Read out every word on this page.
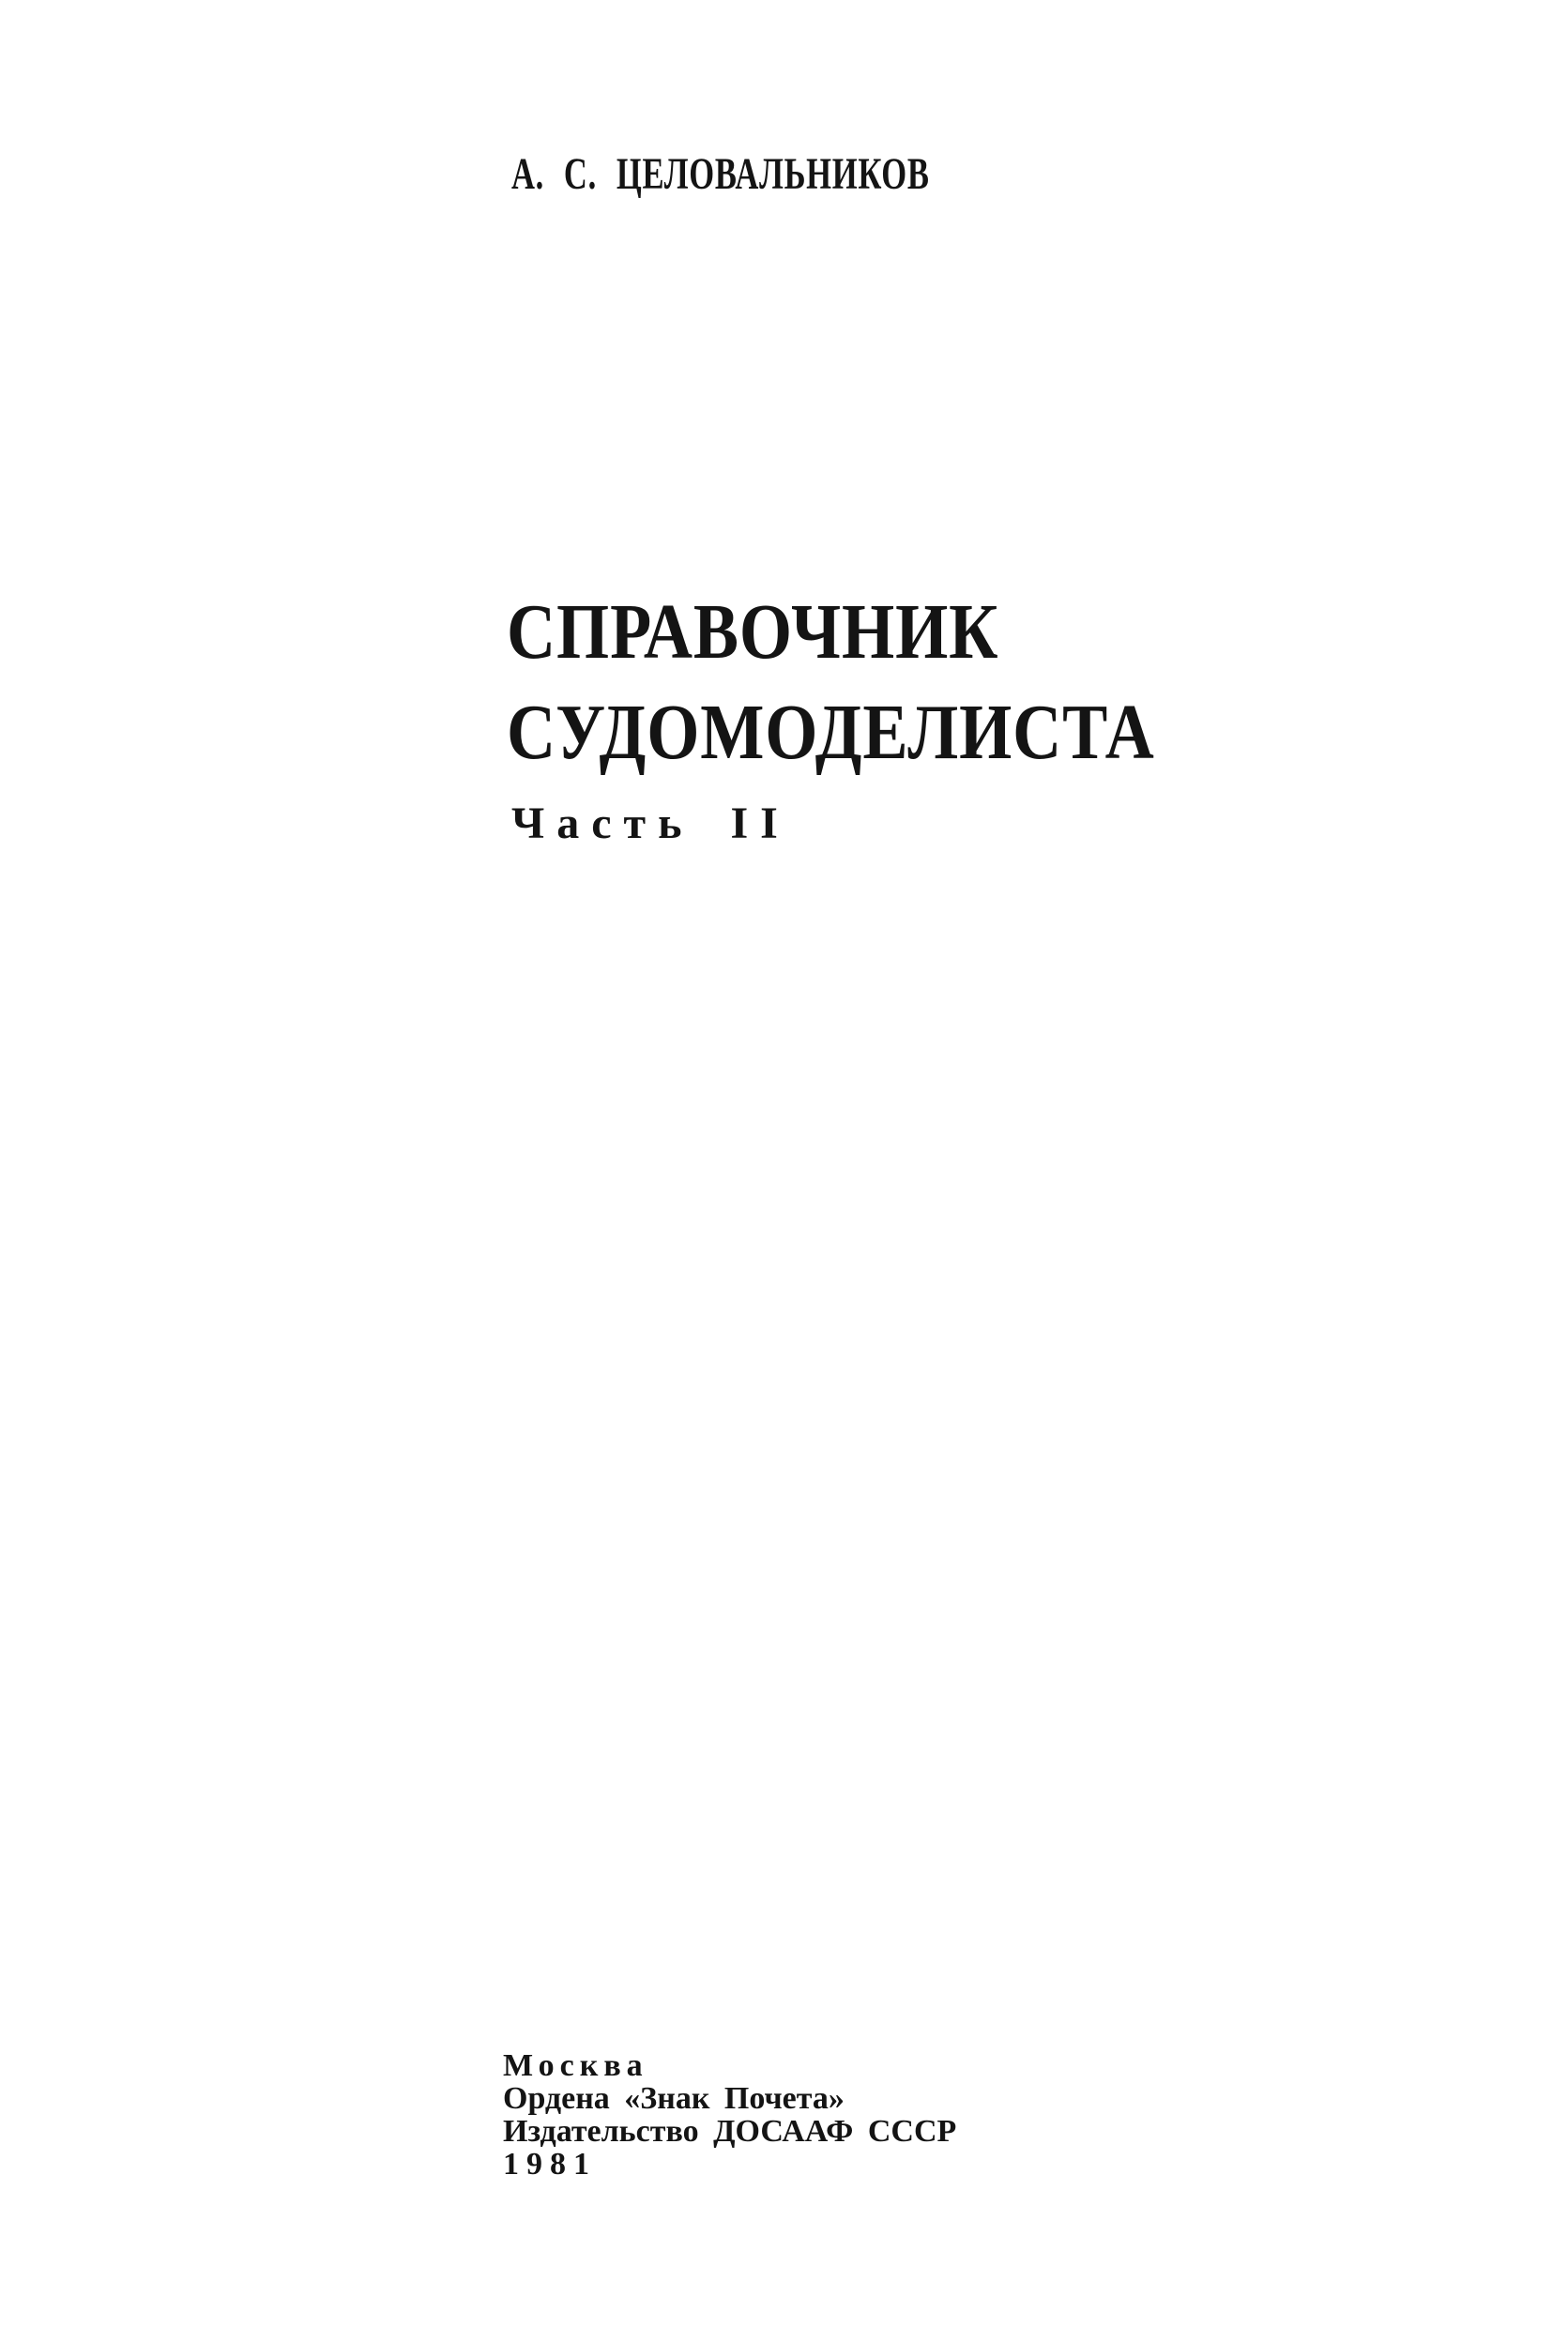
А. С. ЦЕЛОВАЛЬНИКОВ
СПРАВОЧНИК
СУДОМОДЕЛИСТА
Часть II
Москва
Ордена «Знак Почета»
Издательство ДОСААФ СССР
1981
